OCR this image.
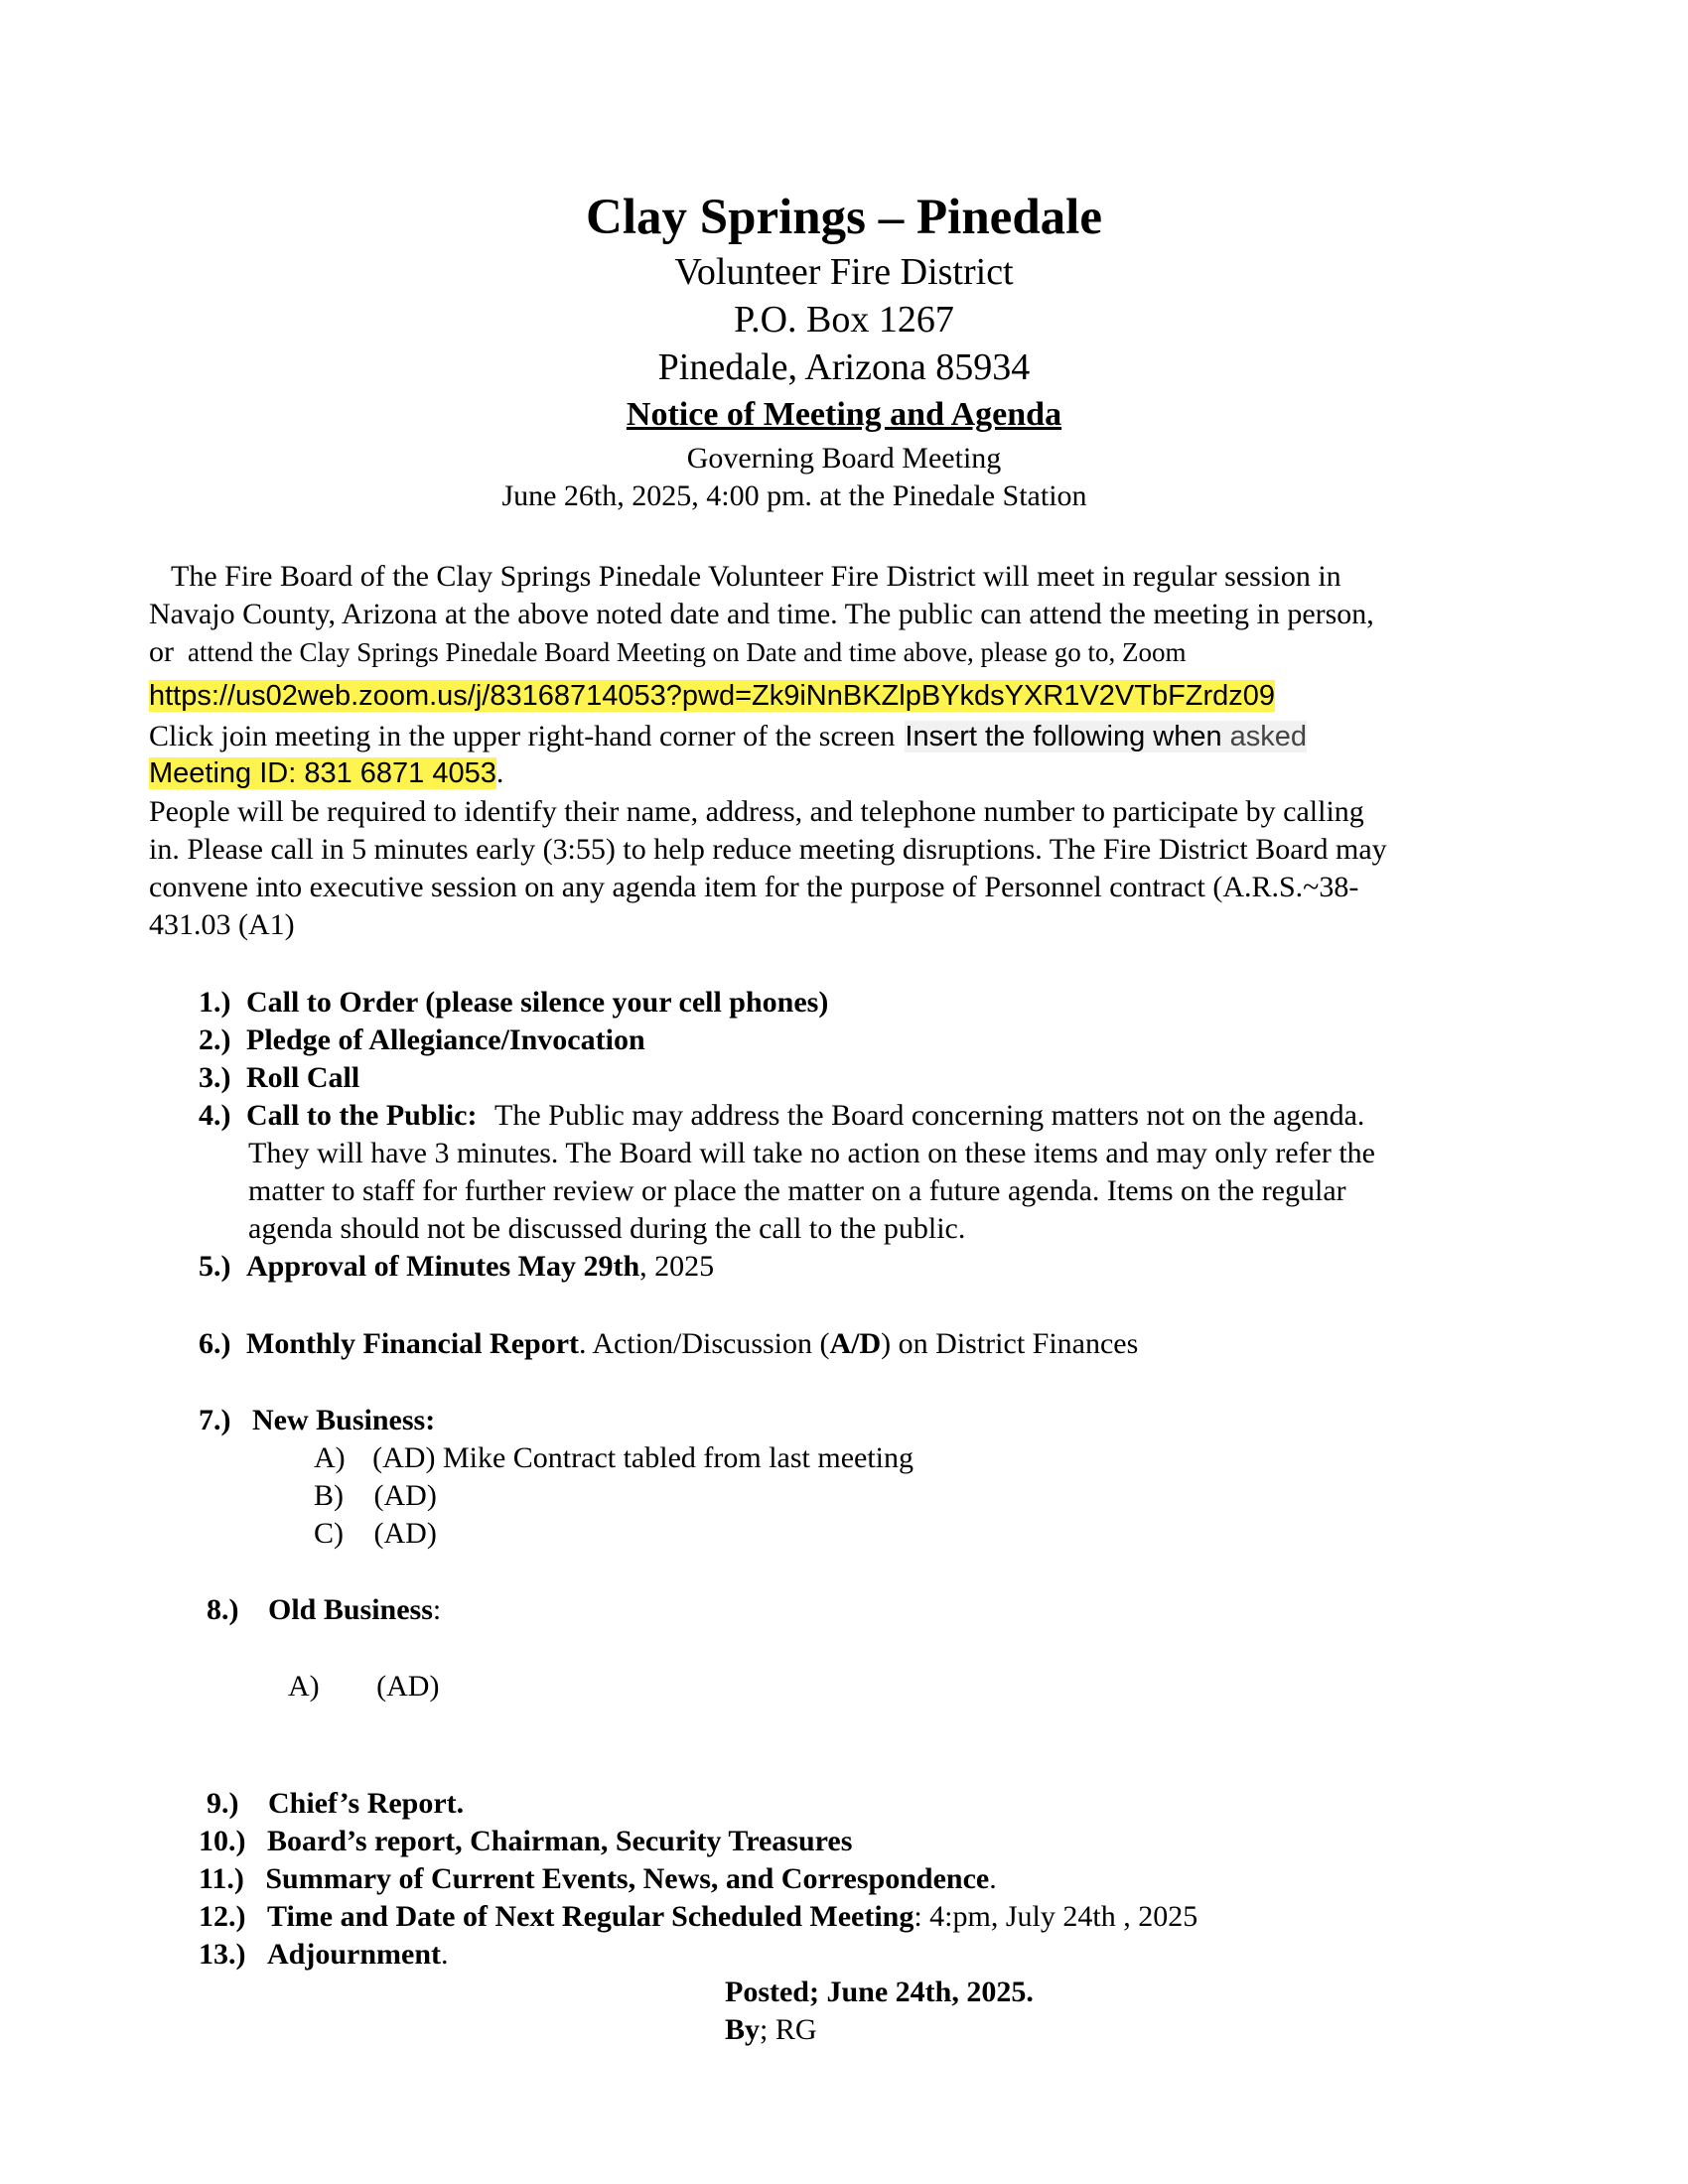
Clay Springs – Pinedale
Volunteer Fire District
P.O. Box 1267
Pinedale, Arizona 85934
Notice of Meeting and Agenda
Governing Board Meeting
June 26th, 2025, 4:00 pm. at the Pinedale Station
The Fire Board of the Clay Springs Pinedale Volunteer Fire District will meet in regular session in
Navajo County, Arizona at the above noted date and time. The public can attend the meeting in person,
or attend the Clay Springs Pinedale Board Meeting on Date and time above, please go to, Zoom
https://us02web.zoom.us/j/83168714053?pwd=Zk9iNnBKZlpBYkdsYXR1V2VTbFZrdz09
Click join meeting in the upper right-hand corner of the screen Insert the following when asked
Meeting ID: 831 6871 4053.
People will be required to identify their name, address, and telephone number to participate by calling
in. Please call in 5 minutes early (3:55) to help reduce meeting disruptions. The Fire District Board may
convene into executive session on any agenda item for the purpose of Personnel contract (A.R.S.~38-
431.03 (A1)
1.) Call to Order (please silence your cell phones)
2.) Pledge of Allegiance/Invocation
3.) Roll Call
4.) Call to the Public: The Public may address the Board concerning matters not on the agenda.
They will have 3 minutes. The Board will take no action on these items and may only refer the
matter to staff for further review or place the matter on a future agenda. Items on the regular
agenda should not be discussed during the call to the public.
5.) Approval of Minutes May 29th, 2025
6.) Monthly Financial Report. Action/Discussion (A/D) on District Finances
7.) New Business:
A) (AD) Mike Contract tabled from last meeting
B) (AD)
C) (AD)
8.) Old Business:
A) (AD)
9.) Chief’s Report.
10.) Board’s report, Chairman, Security Treasures
11.) Summary of Current Events, News, and Correspondence.
12.) Time and Date of Next Regular Scheduled Meeting: 4:pm, July 24th , 2025
13.) Adjournment.
Posted; June 24th, 2025.
By; RG
